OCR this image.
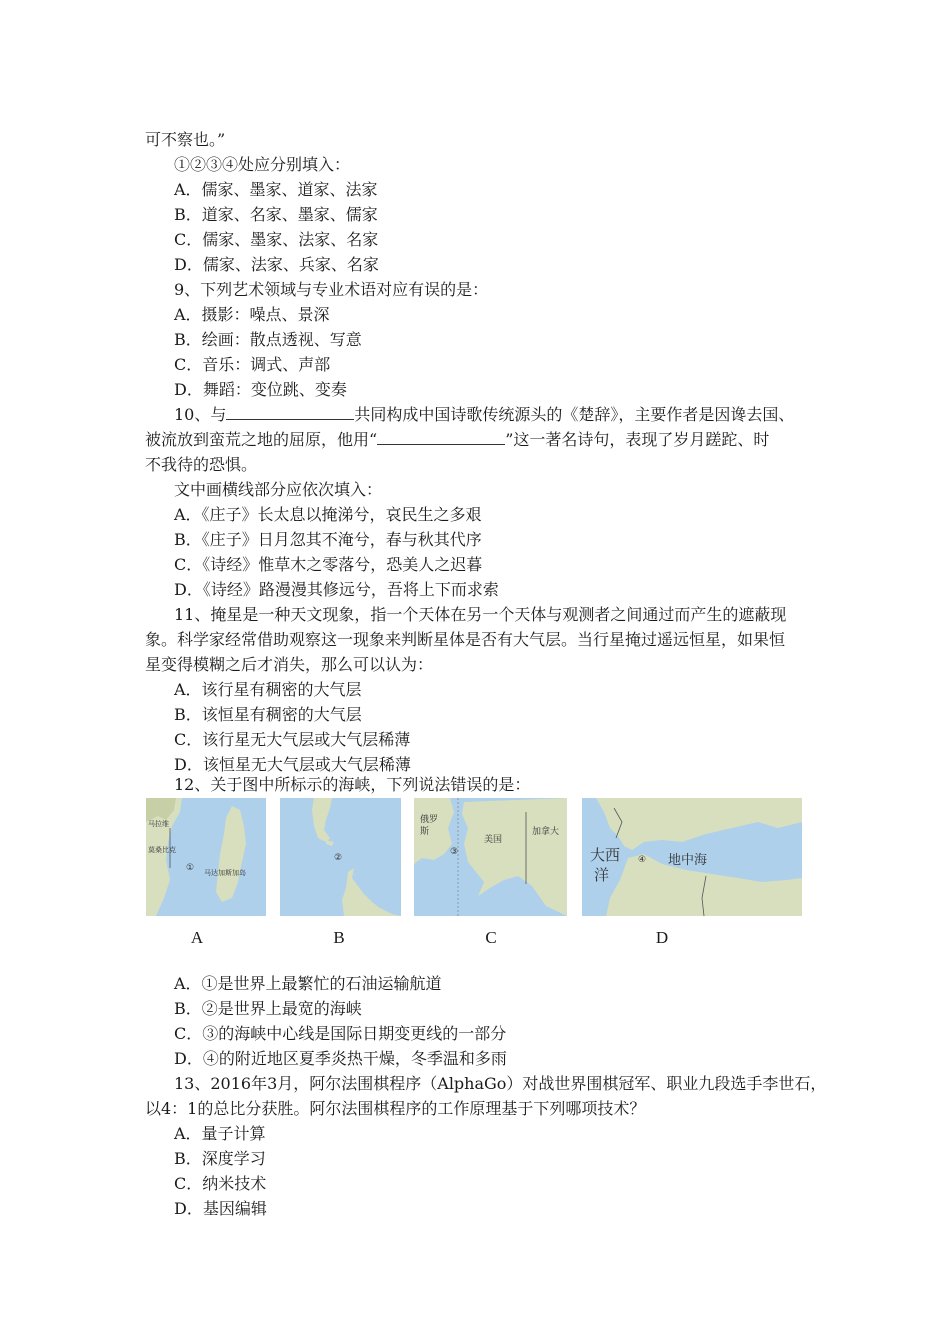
可不察也。”
①②③④处应分别填入：
A．儒家、墨家、道家、法家
B．道家、名家、墨家、儒家
C．儒家、墨家、法家、名家
D．儒家、法家、兵家、名家
9、下列艺术领域与专业术语对应有误的是：
A．摄影：噪点、景深
B．绘画：散点透视、写意
C．音乐：调式、声部
D．舞蹈：变位跳、变奏
10、与	共同构成中国诗歌传统源头的《楚辞》，主要作者是因谗去国、
被流放到蛮荒之地的屈原，他用“	”这一著名诗句，表现了岁月蹉跎、时
不我待的恐惧。
文中画横线部分应依次填入：
A．《庄子》长太息以掩涕兮，哀民生之多艰
B．《庄子》日月忽其不淹兮，春与秋其代序
C．《诗经》惟草木之零落兮，恐美人之迟暮
D．《诗经》路漫漫其修远兮，吾将上下而求索
11、掩星是一种天文现象，指一个天体在另一个天体与观测者之间通过而产生的遮蔽现
象。科学家经常借助观察这一现象来判断星体是否有大气层。当行星掩过遥远恒星，如果恒
星变得模糊之后才消失，那么可以认为：
A．该行星有稠密的大气层
B．该恒星有稠密的大气层
C．该行星无大气层或大气层稀薄
D．该恒星无大气层或大气层稀薄
12、关于图中所标示的海峡，下列说法错误的是：
莫桑比克
马拉维
① 马达加斯加岛
②
俄罗
斯
③
美国
加拿大
大西
洋
④ 地中海
A	B	C	D
A．①是世界上最繁忙的石油运输航道
B．②是世界上最宽的海峡
C．③的海峡中心线是国际日期变更线的一部分
D．④的附近地区夏季炎热干燥，冬季温和多雨
13、2016年3月，阿尔法围棋程序（AlphaGo）对战世界围棋冠军、职业九段选手李世石，
以4：1的总比分获胜。阿尔法围棋程序的工作原理基于下列哪项技术？
A．量子计算
B．深度学习
C．纳米技术
D．基因编辑
